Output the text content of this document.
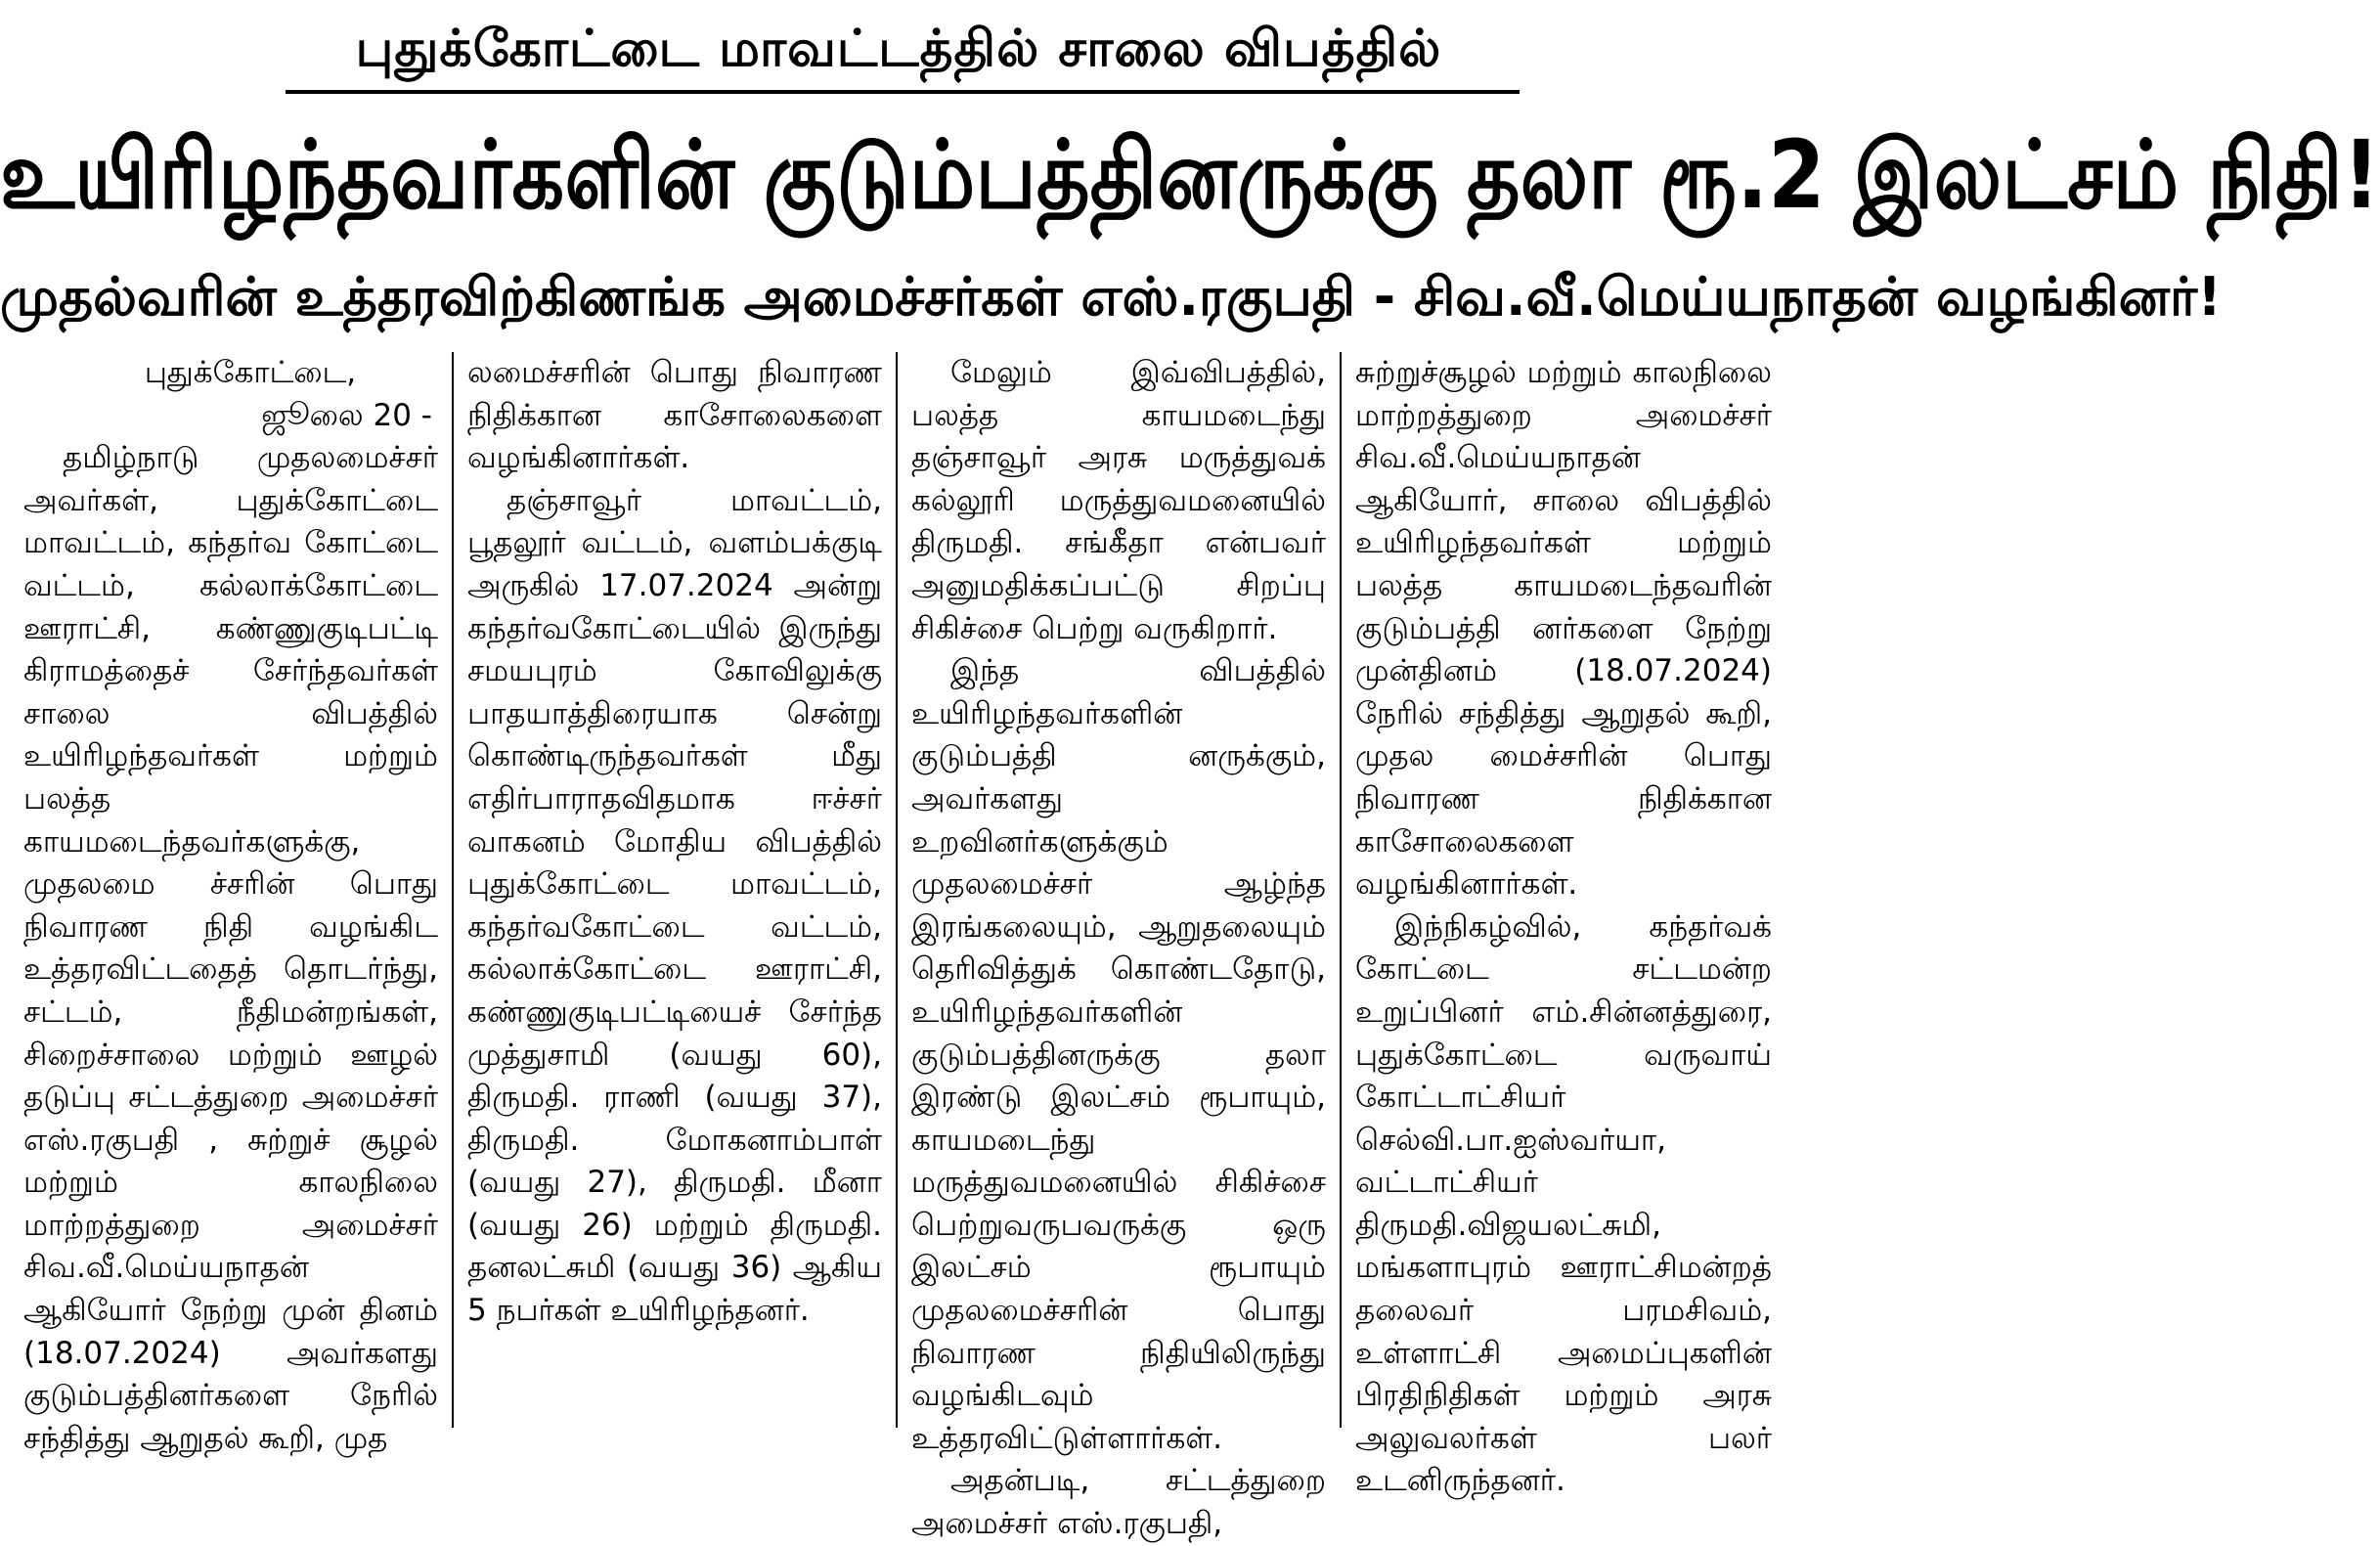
புதுக்கோட்டை மாவட்டத்தில் சாலை விபத்தில்
உயிரிழந்தவர்களின் குடும்பத்தினருக்கு தலா ரூ.2 இலட்சம் நிதி!
முதல்வரின் உத்தரவிற்கிணங்க அமைச்சர்கள் எஸ்.ரகுபதி - சிவ.வீ.மெய்யநாதன் வழங்கினர்!

புதுக்கோட்டை,

ஜூலை 20 -

தமிழ்நாடு முதலமைச்சர் அவர்கள், புதுக்கோட்டை மாவட்டம், கந்தர்வ கோட்டை வட்டம், கல்லாக்கோட்டை ஊராட்சி, கண்ணுகுடிபட்டி கிராமத்தைச் சேர்ந்தவர்கள் சாலை விபத்தில் உயிரிழந்தவர்கள் மற்றும் பலத்த காயமடைந்தவர்களுக்கு, முதலமை ச்சரின் பொது நிவாரண நிதி வழங்கிட உத்தரவிட்டதைத் தொடர்ந்து, சட்டம், நீதிமன்றங்கள், சிறைச்சாலை மற்றும் ஊழல் தடுப்பு சட்டத்துறை அமைச்சர் எஸ்.ரகுபதி , சுற்றுச் சூழல் மற்றும் காலநிலை மாற்றத்துறை அமைச்சர் சிவ.வீ.மெய்யநாதன் ஆகியோர் நேற்று முன் தினம் (18.07.2024) அவர்களது குடும்பத்தினர்களை நேரில் சந்தித்து ஆறுதல் கூறி, முத

லமைச்சரின் பொது நிவாரண நிதிக்கான காசோலைகளை வழங்கினார்கள்.

தஞ்சாவூர் மாவட்டம், பூதலூர் வட்டம், வளம்பக்குடி அருகில் 17.07.2024 அன்று கந்தர்வகோட்டையில் இருந்து சமயபுரம் கோவிலுக்கு பாதயாத்திரையாக சென்று கொண்டிருந்தவர்கள் மீது எதிர்பாராதவிதமாக ஈச்சர் வாகனம் மோதிய விபத்தில் புதுக்கோட்டை மாவட்டம், கந்தர்வகோட்டை வட்டம், கல்லாக்கோட்டை ஊராட்சி, கண்ணுகுடிபட்டியைச் சேர்ந்த முத்துசாமி (வயது 60), திருமதி. ராணி (வயது 37), திருமதி. மோகனாம்பாள் (வயது 27), திருமதி. மீனா (வயது 26) மற்றும் திருமதி. தனலட்சுமி (வயது 36) ஆகிய 5 நபர்கள் உயிரிழந்தனர்.

மேலும் இவ்விபத்தில், பலத்த காயமடைந்து தஞ்சாவூர் அரசு மருத்துவக் கல்லூரி மருத்துவமனையில் திருமதி. சங்கீதா என்பவர் அனுமதிக்கப்பட்டு சிறப்பு சிகிச்சை பெற்று வருகிறார்.

இந்த விபத்தில் உயிரிழந்தவர்களின் குடும்பத்தி னருக்கும், அவர்களது உறவினர்களுக்கும் முதலமைச்சர் ஆழ்ந்த இரங்கலையும், ஆறுதலையும் தெரிவித்துக் கொண்டதோடு, உயிரிழந்தவர்களின் குடும்பத்தினருக்கு தலா இரண்டு இலட்சம் ரூபாயும், காயமடைந்து மருத்துவமனையில் சிகிச்சை பெற்றுவருபவருக்கு ஒரு இலட்சம் ரூபாயும் முதலமைச்சரின் பொது நிவாரண நிதியிலிருந்து வழங்கிடவும் உத்தரவிட்டுள்ளார்கள்.

அதன்படி, சட்டத்துறை அமைச்சர் எஸ்.ரகுபதி,

சுற்றுச்சூழல் மற்றும் காலநிலை மாற்றத்துறை அமைச்சர் சிவ.வீ.மெய்யநாதன் ஆகியோர், சாலை விபத்தில் உயிரிழந்தவர்கள் மற்றும் பலத்த காயமடைந்தவரின் குடும்பத்தி னர்களை நேற்று முன்தினம் (18.07.2024) நேரில் சந்தித்து ஆறுதல் கூறி, முதல மைச்சரின் பொது நிவாரண நிதிக்கான காசோலைகளை வழங்கினார்கள்.

இந்நிகழ்வில், கந்தர்வக் கோட்டை சட்டமன்ற உறுப்பினர் எம்.சின்னத்துரை, புதுக்கோட்டை வருவாய் கோட்டாட்சியர் செல்வி.பா.ஐஸ்வர்யா, வட்டாட்சியர் திருமதி.விஜயலட்சுமி, மங்களாபுரம் ஊராட்சிமன்றத் தலைவர் பரமசிவம், உள்ளாட்சி அமைப்புகளின் பிரதிநிதிகள் மற்றும் அரசு அலுவலர்கள் பலர் உடனிருந்தனர்.
